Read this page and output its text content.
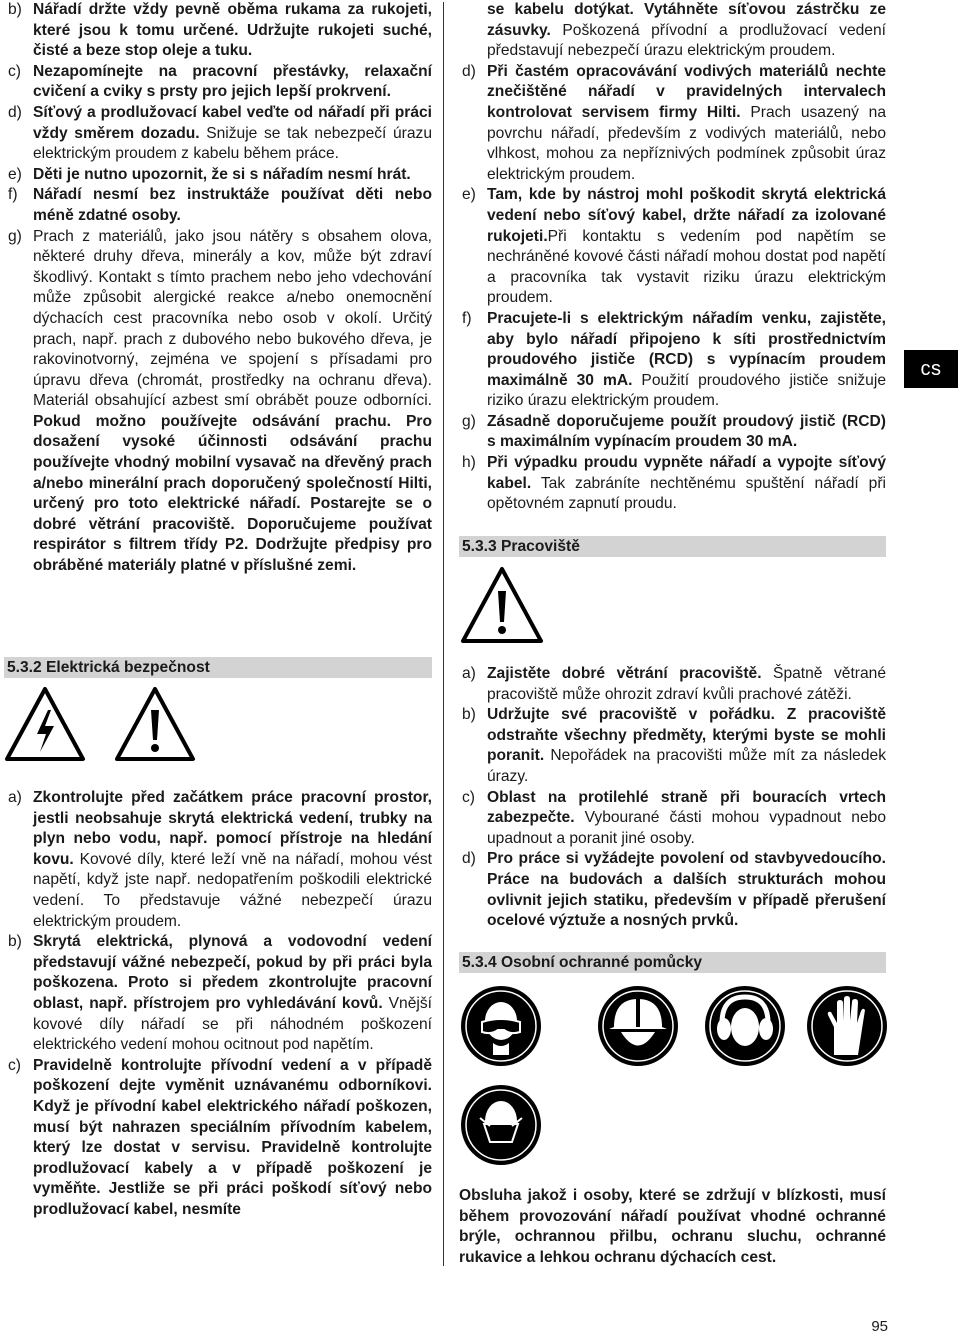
b) Nářadí držte vždy pevně oběma rukama za rukojeti, které jsou k tomu určené. Udržujte rukojeti suché, čisté a beze stop oleje a tuku.
c) Nezapomínejte na pracovní přestávky, relaxační cvičení a cviky s prsty pro jejich lepší prokrvení.
d) Síťový a prodlužovací kabel veďte od nářadí při práci vždy směrem dozadu. Snižuje se tak nebezpečí úrazu elektrickým proudem z kabelu během práce.
e) Děti je nutno upozornit, že si s nářadím nesmí hrát.
f) Nářadí nesmí bez instruktáže používat děti nebo méně zdatné osoby.
g) Prach z materiálů, jako jsou nátěry s obsahem olova, některé druhy dřeva, minerály a kov, může být zdraví škodlivý. Kontakt s tímto prachem nebo jeho vdechování může způsobit alergické reakce a/nebo onemocnění dýchacích cest pracovníka nebo osob v okolí. Určitý prach, např. prach z dubového nebo bukového dřeva, je rakovinotvorný, zejména ve spojení s přísadami pro úpravu dřeva (chromát, prostředky na ochranu dřeva). Materiál obsahující azbest smí obrábět pouze odborníci. Pokud možno používejte odsávání prachu. Pro dosažení vysoké účinnosti odsávání prachu používejte vhodný mobilní vysavač na dřevěný prach a/nebo minerální prach doporučený společností Hilti, určený pro toto elektrické nářadí. Postarejte se o dobré větrání pracoviště. Doporučujeme používat respirátor s filtrem třídy P2. Dodržujte předpisy pro obráběné materiály platné v příslušné zemi.
5.3.2 Elektrická bezpečnost
a) Zkontrolujte před začátkem práce pracovní prostor, jestli neobsahuje skrytá elektrická vedení, trubky na plyn nebo vodu, např. pomocí přístroje na hledání kovu. Kovové díly, které leží vně na nářadí, mohou vést napětí, když jste např. nedopatřením poškodili elektrické vedení. To představuje vážné nebezpečí úrazu elektrickým proudem.
b) Skrytá elektrická, plynová a vodovodní vedení představují vážné nebezpečí, pokud by při práci byla poškozena. Proto si předem zkontrolujte pracovní oblast, např. přístrojem pro vyhledávání kovů. Vnější kovové díly nářadí se při náhodném poškození elektrického vedení mohou ocitnout pod napětím.
c) Pravidelně kontrolujte přívodní vedení a v případě poškození dejte vyměnit uznávanému odborníkovi. Když je přívodní kabel elektrického nářadí poškozen, musí být nahrazen speciálním přívodním kabelem, který lze dostat v servisu. Pravidelně kontrolujte prodlužovací kabely a v případě poškození je vyměňte. Jestliže se při práci poškodí síťový nebo prodlužovací kabel, nesmíte
se kabelu dotýkat. Vytáhněte síťovou zástrčku ze zásuvky. Poškozená přívodní a prodlužovací vedení představují nebezpečí úrazu elektrickým proudem.
d) Při častém opracovávání vodivých materiálů nechte znečištěné nářadí v pravidelných intervalech kontrolovat servisem firmy Hilti. Prach usazený na povrchu nářadí, především z vodivých materiálů, nebo vlhkost, mohou za nepříznivých podmínek způsobit úraz elektrickým proudem.
e) Tam, kde by nástroj mohl poškodit skrytá elektrická vedení nebo síťový kabel, držte nářadí za izolované rukojeti.Při kontaktu s vedením pod napětím se nechráněné kovové části nářadí mohou dostat pod napětí a pracovníka tak vystavit riziku úrazu elektrickým proudem.
f) Pracujete-li s elektrickým nářadím venku, zajistěte, aby bylo nářadí připojeno k síti prostřednictvím proudového jističe (RCD) s vypínacím proudem maximálně 30 mA. Použití proudového jističe snižuje riziko úrazu elektrickým proudem.
g) Zásadně doporučujeme použít proudový jistič (RCD) s maximálním vypínacím proudem 30 mA.
h) Při výpadku proudu vypněte nářadí a vypojte síťový kabel. Tak zabráníte nechtěnému spuštění nářadí při opětovném zapnutí proudu.
5.3.3 Pracoviště
a) Zajistěte dobré větrání pracoviště. Špatně větrané pracoviště může ohrozit zdraví kvůli prachové zátěži.
b) Udržujte své pracoviště v pořádku. Z pracoviště odstraňte všechny předměty, kterými byste se mohli poranit. Nepořádek na pracovišti může mít za následek úrazy.
c) Oblast na protilehlé straně při bouracích vrtech zabezpečte. Vybourané části mohou vypadnout nebo upadnout a poranit jiné osoby.
d) Pro práce si vyžádejte povolení od stavbyvedoucího. Práce na budovách a dalších strukturách mohou ovlivnit jejich statiku, především v případě přerušení ocelové výztuže a nosných prvků.
5.3.4 Osobní ochranné pomůcky
Obsluha jakož i osoby, které se zdržují v blízkosti, musí během provozování nářadí používat vhodné ochranné brýle, ochrannou přilbu, ochranu sluchu, ochranné rukavice a lehkou ochranu dýchacích cest.
cs
95
